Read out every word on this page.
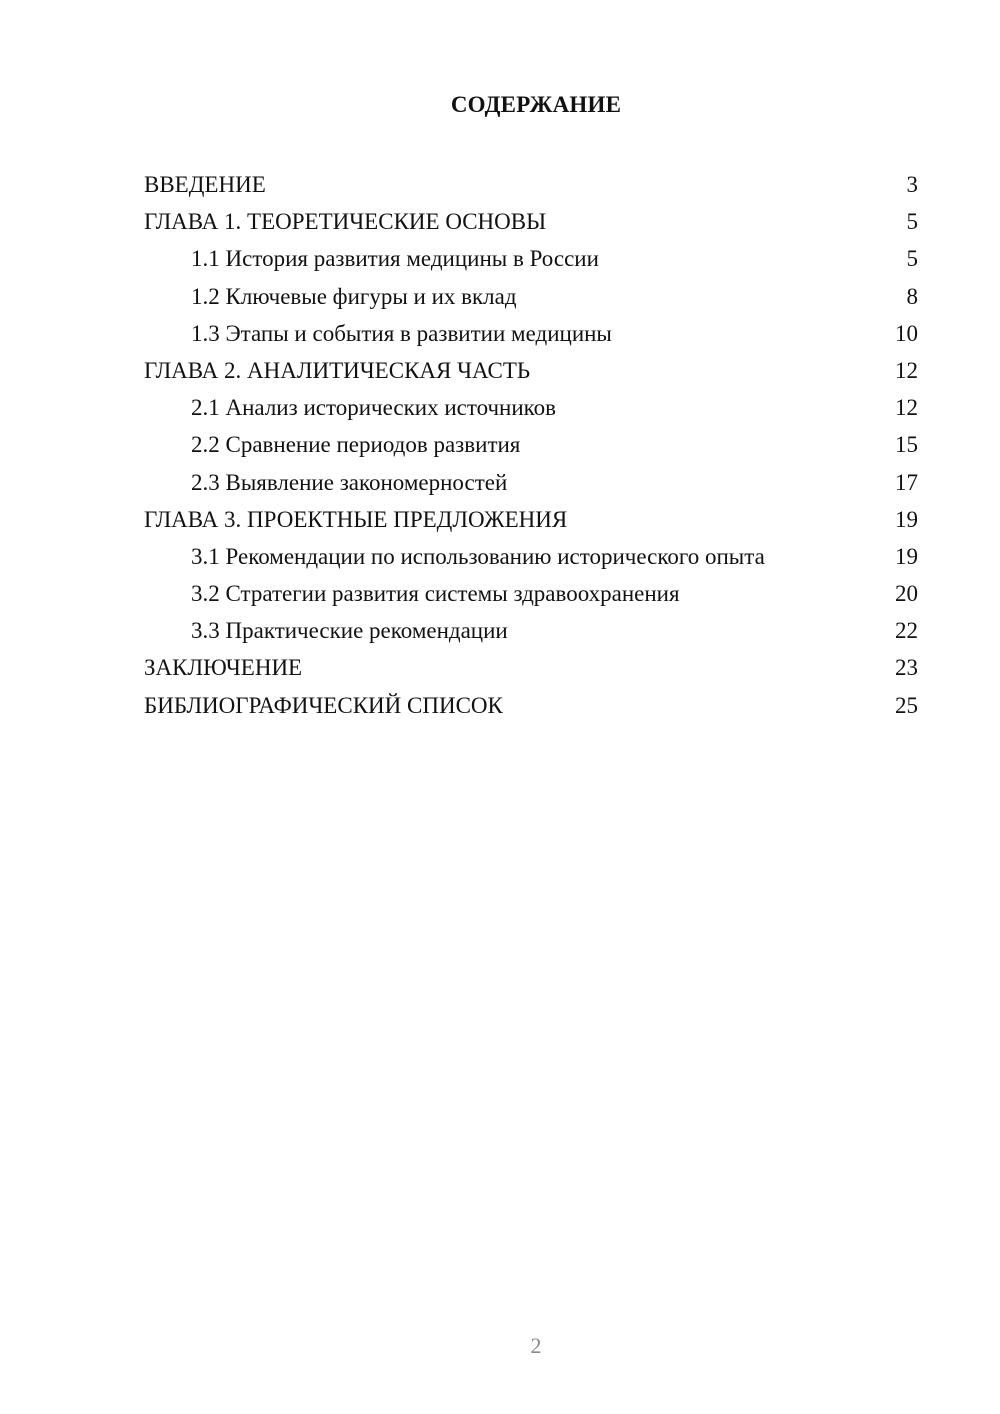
СОДЕРЖАНИЕ
ВВЕДЕНИЕ	3
ГЛАВА 1. ТЕОРЕТИЧЕСКИЕ ОСНОВЫ	5
1.1 История развития медицины в России	5
1.2 Ключевые фигуры и их вклад	8
1.3 Этапы и события в развитии медицины	10
ГЛАВА 2. АНАЛИТИЧЕСКАЯ ЧАСТЬ	12
2.1 Анализ исторических источников	12
2.2 Сравнение периодов развития	15
2.3 Выявление закономерностей	17
ГЛАВА 3. ПРОЕКТНЫЕ ПРЕДЛОЖЕНИЯ	19
3.1 Рекомендации по использованию исторического опыта	19
3.2 Стратегии развития системы здравоохранения	20
3.3 Практические рекомендации	22
ЗАКЛЮЧЕНИЕ	23
БИБЛИОГРАФИЧЕСКИЙ СПИСОК	25
2
